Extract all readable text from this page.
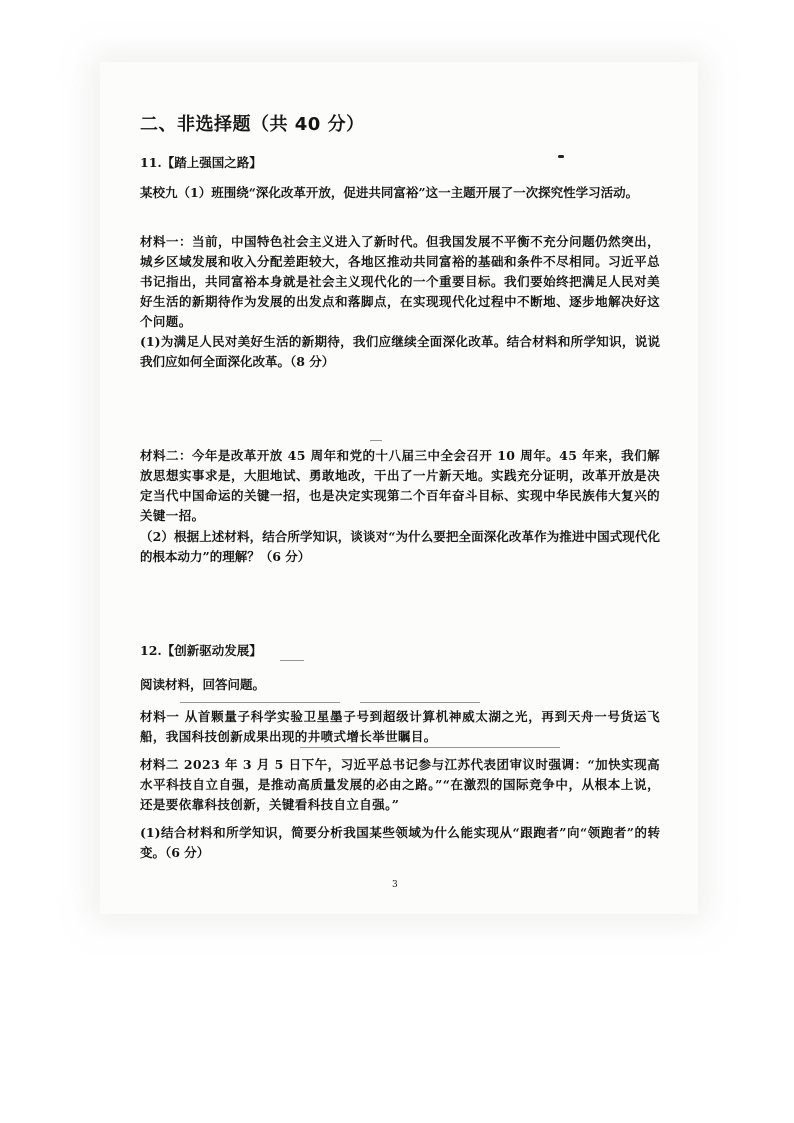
二、非选择题（共 40 分）
11.【踏上强国之路】
某校九（1）班围绕“深化改革开放，促进共同富裕”这一主题开展了一次探究性学习活动。
材料一：当前，中国特色社会主义进入了新时代。但我国发展不平衡不充分问题仍然突出，城乡区域发展和收入分配差距较大，各地区推动共同富裕的基础和条件不尽相同。习近平总书记指出，共同富裕本身就是社会主义现代化的一个重要目标。我们要始终把满足人民对美好生活的新期待作为发展的出发点和落脚点，在实现现代化过程中不断地、逐步地解决好这个问题。
(1)为满足人民对美好生活的新期待，我们应继续全面深化改革。结合材料和所学知识，说说我们应如何全面深化改革。（8 分）
材料二：今年是改革开放 45 周年和党的十八届三中全会召开 10 周年。45 年来，我们解放思想实事求是，大胆地试、勇敢地改，干出了一片新天地。实践充分证明，改革开放是决定当代中国命运的关键一招，也是决定实现第二个百年奋斗目标、实现中华民族伟大复兴的关键一招。
（2）根据上述材料，结合所学知识，谈谈对“为什么要把全面深化改革作为推进中国式现代化的根本动力”的理解？（6 分）
12.【创新驱动发展】
阅读材料，回答问题。
材料一 从首颗量子科学实验卫星墨子号到超级计算机神威太湖之光，再到天舟一号货运飞船，我国科技创新成果出现的井喷式增长举世瞩目。
材料二 2023 年 3 月 5 日下午，习近平总书记参与江苏代表团审议时强调：“加快实现高水平科技自立自强，是推动高质量发展的必由之路。”“在激烈的国际竞争中，从根本上说，还是要依靠科技创新，关键看科技自立自强。”
(1)结合材料和所学知识，简要分析我国某些领域为什么能实现从“跟跑者”向“领跑者”的转变。（6 分）
3
